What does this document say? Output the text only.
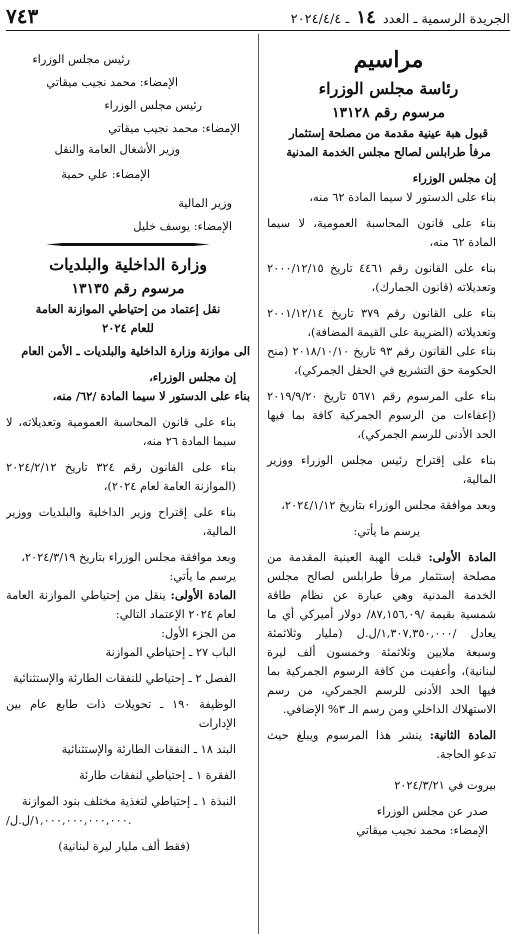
٧٤٣	الجريدة الرسمية ـ العدد ١٤ ـ ٢٠٢٤/٤/٤
مراسيم
رئاسة مجلس الوزراء
مرسوم رقم ١٣١٢٨

قبول هبة عينية مقدمة من مصلحة إستثمار

مرفأ طرابلس لصالح مجلس الخدمة المدنية

إن مجلس الوزراء

بناء على الدستور لا سيما المادة ٦٢ منه،

بناء على قانون المحاسبة العمومية، لا سيما المادة ٦٢ منه،

بناء على القانون رقم ٤٤٦١ تاريخ ٢٠٠٠/١٢/١٥ وتعديلاته (قانون الجمارك)،

بناء على القانون رقم ٣٧٩ تاريخ ٢٠٠١/١٢/١٤ وتعديلاته (الضريبة على القيمة المضافة)،

بناء على القانون رقم ٩٣ تاريخ ٢٠١٨/١٠/١٠ (منح الحكومة حق التشريع في الحقل الجمركي)،

بناء على المرسوم رقم ٥٦٧١ تاريخ ٢٠١٩/٩/٢٠ (إعفاءات من الرسوم الجمركية كافة بما فيها الحد الأدنى للرسم الجمركي)،

بناء على إقتراح رئيس مجلس الوزراء ووزير المالية،

وبعد موافقة مجلس الوزراء بتاريخ ٢٠٢٤/١/١٢،

يرسم ما يأتي:

المادة الأولى: قبلت الهبة العينية المقدمة من مصلحة إستثمار مرفأ طرابلس لصالح مجلس الخدمة المدنية وهي عبارة عن نظام طاقة شمسية بقيمة /٨٧,١٥٦,٠٩/ دولار أميركي أي ما يعادل /١,٣٠٧,٣٥٠,٠٠٠/ل.ل (مليار وثلاثمئة وسبعة ملايين وثلاثمئة وخمسون ألف ليرة لبنانية)، وأعفيت من كافة الرسوم الجمركية بما فيها الحد الأدنى للرسم الجمركي، من رسم الاستهلاك الداخلي ومن رسم الـ ٣% الإضافي.

المادة الثانية: ينشر هذا المرسوم ويبلغ حيث تدعو الحاجة.

بيروت في ٢٠٢٤/٣/٢١

صدر عن مجلس الوزراء

الإمضاء: محمد نجيب ميقاتي

رئيس مجلس الوزراء

الإمضاء: محمد نجيب ميقاتي

رئيس مجلس الوزراء

الإمضاء: محمد نجيب ميقاتي

وزير الأشغال العامة والنقل

الإمضاء: علي حمية

وزير المالية

الإمضاء: يوسف خليل

وزارة الداخلية والبلديات
مرسوم رقم ١٣١٣٥

نقل إعتماد من إحتياطي الموازنة العامة

للعام ٢٠٢٤

الى موازنة وزارة الداخلية والبلديات ـ الأمن العام

إن مجلس الوزراء،

بناء على الدستور لا سيما المادة /٦٢/ منه،

بناء على قانون المحاسبة العمومية وتعديلاته، لا سيما المادة ٢٦ منه،

بناء على القانون رقم ٣٢٤ تاريخ ٢٠٢٤/٢/١٢ (الموازنة العامة لعام ٢٠٢٤)،

بناء على إقتراح وزير الداخلية والبلديات ووزير المالية،

وبعد موافقة مجلس الوزراء بتاريخ ٢٠٢٤/٣/١٩،

يرسم ما يأتي:

المادة الأولى: ينقل من إحتياطي الموازنة العامة لعام ٢٠٢٤ الإعتماد التالي:

من الجزء الأول:

الباب ٢٧ ـ إحتياطي الموازنة

الفصل ٢ ـ إحتياطي للنفقات الطارئة والإستثنائية

الوظيفة ١٩٠ ـ تحويلات ذات طابع عام بين الإدارات

البند ١٨ ـ النفقات الطارئة والإستثنائية

الفقرة ١ ـ إحتياطي لنفقات طارئة

النبذة ١ ـ إحتياطي لتغذية مختلف بنود الموازنة

/١,٠٠٠,٠٠٠,٠٠٠,٠٠٠/ل.ل.

(فقط ألف مليار ليرة لبنانية)
